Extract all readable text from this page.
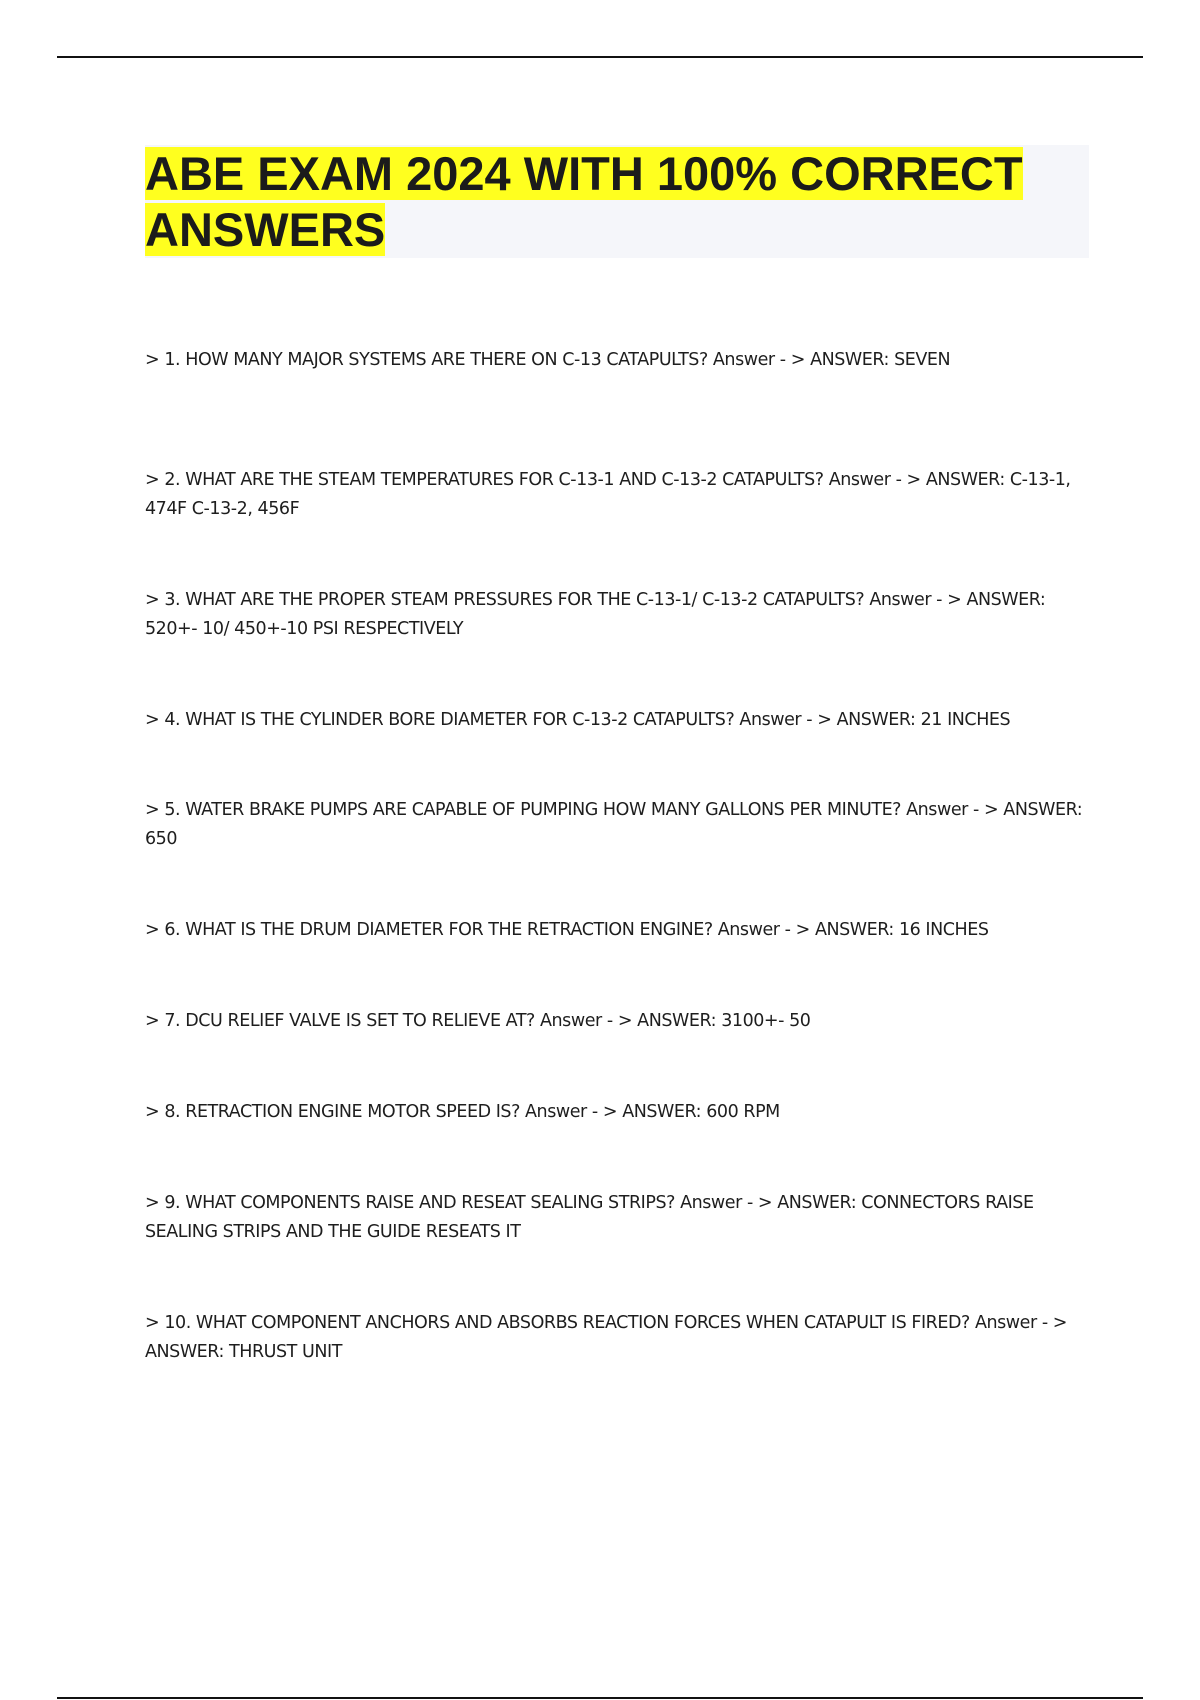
ABE EXAM 2024 WITH 100% CORRECT ANSWERS
> 1. HOW MANY MAJOR SYSTEMS ARE THERE ON C-13 CATAPULTS? Answer - > ANSWER: SEVEN
> 2. WHAT ARE THE STEAM TEMPERATURES FOR C-13-1 AND C-13-2 CATAPULTS? Answer - > ANSWER: C-13-1, 474F C-13-2, 456F
> 3. WHAT ARE THE PROPER STEAM PRESSURES FOR THE C-13-1/ C-13-2 CATAPULTS? Answer - > ANSWER: 520+- 10/ 450+-10 PSI RESPECTIVELY
> 4. WHAT IS THE CYLINDER BORE DIAMETER FOR C-13-2 CATAPULTS? Answer - > ANSWER: 21 INCHES
> 5. WATER BRAKE PUMPS ARE CAPABLE OF PUMPING HOW MANY GALLONS PER MINUTE? Answer - > ANSWER: 650
> 6. WHAT IS THE DRUM DIAMETER FOR THE RETRACTION ENGINE? Answer - > ANSWER: 16 INCHES
> 7. DCU RELIEF VALVE IS SET TO RELIEVE AT? Answer - > ANSWER: 3100+- 50
> 8. RETRACTION ENGINE MOTOR SPEED IS? Answer - > ANSWER: 600 RPM
> 9. WHAT COMPONENTS RAISE AND RESEAT SEALING STRIPS? Answer - > ANSWER: CONNECTORS RAISE SEALING STRIPS AND THE GUIDE RESEATS IT
> 10. WHAT COMPONENT ANCHORS AND ABSORBS REACTION FORCES WHEN CATAPULT IS FIRED? Answer - > ANSWER: THRUST UNIT
